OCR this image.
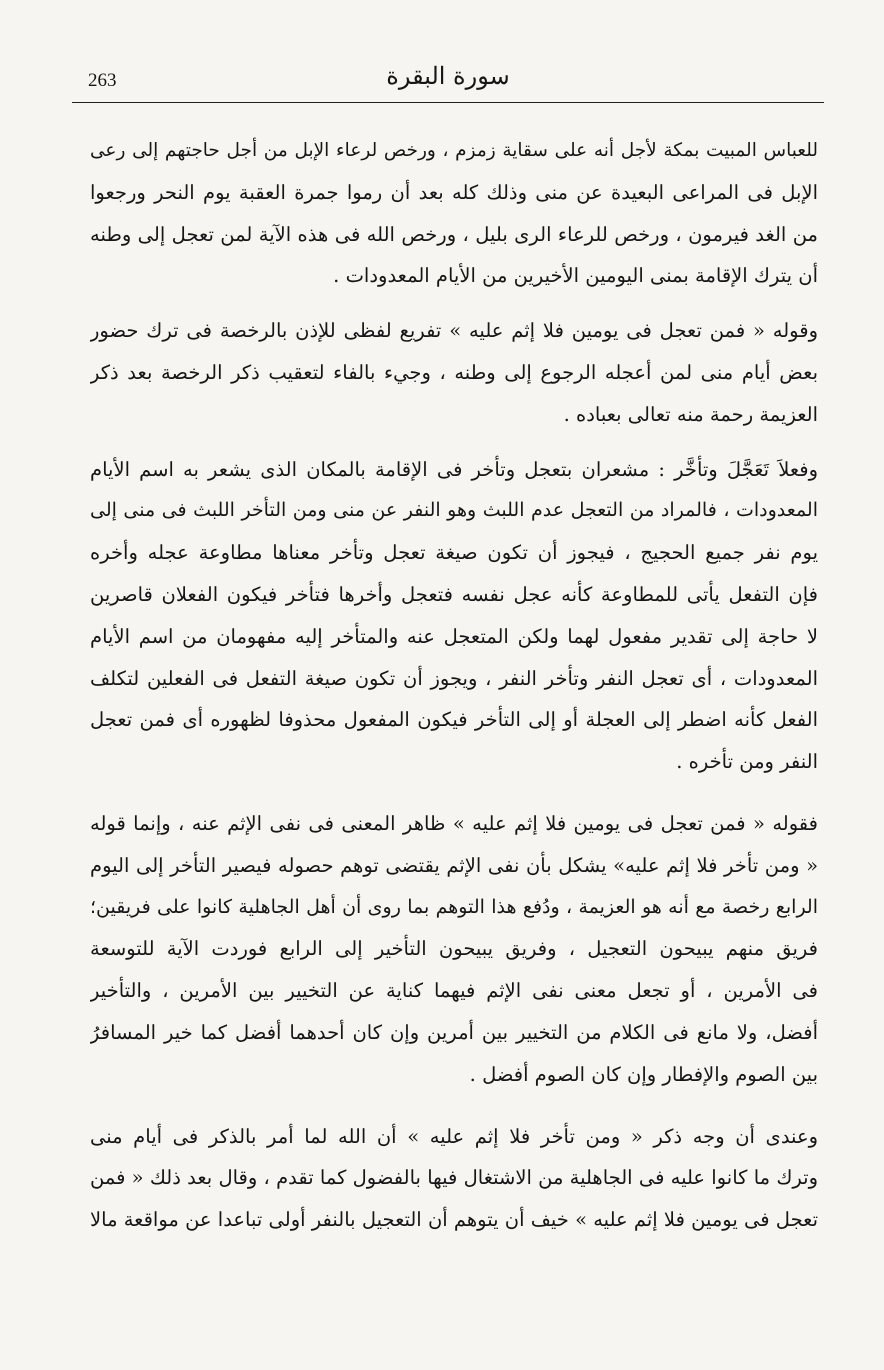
263	سورة البقرة
للعباس المبيت بمكة لأجل أنه على سقاية زمزم ، ورخص لرعاء الإبل من أجل حاجتهم إلى رعى
الإبل فى المراعى البعيدة عن منى وذلك كله بعد أن رموا جمرة العقبة يوم النحر ورجعوا
من الغد فيرمون ، ورخص للرعاء الرى بليل ، ورخص الله فى هذه الآية لمن تعجل إلى وطنه
أن يترك الإقامة بمنى اليومين الأخيرين من الأيام المعدودات .
وقوله « فمن تعجل فى يومين فلا إثم عليه » تفريع لفظى للإذن بالرخصة فى ترك حضور
بعض أيام منى لمن أعجله الرجوع إلى وطنه ، وجيء بالفاء لتعقيب ذكر الرخصة بعد ذكر
العزيمة رحمة منه تعالى بعباده .
وفعلاَ تَعَجَّلَ وتأخَّر : مشعران بتعجل وتأخر فى الإقامة بالمكان الذى يشعر به اسم الأيام
المعدودات ، فالمراد من التعجل عدم اللبث وهو النفر عن منى ومن التأخر اللبث فى منى إلى
يوم نفر جميع الحجيج ، فيجوز أن تكون صيغة تعجل وتأخر معناها مطاوعة عجله وأخره
فإن التفعل يأتى للمطاوعة كأنه عجل نفسه فتعجل وأخرها فتأخر فيكون الفعلان قاصرين
لا حاجة إلى تقدير مفعول لهما ولكن المتعجل عنه والمتأخر إليه مفهومان من اسم الأيام
المعدودات ، أى تعجل النفر وتأخر النفر ، ويجوز أن تكون صيغة التفعل فى الفعلين لتكلف
الفعل كأنه اضطر إلى العجلة أو إلى التأخر فيكون المفعول محذوفا لظهوره أى فمن تعجل
النفر ومن تأخره .
فقوله « فمن تعجل فى يومين فلا إثم عليه » ظاهر المعنى فى نفى الإثم عنه ، وإنما قوله
« ومن تأخر فلا إثم عليه» يشكل بأن نفى الإثم يقتضى توهم حصوله فيصير التأخر إلى اليوم
الرابع رخصة مع أنه هو العزيمة ، ودُفع هذا التوهم بما روى أن أهل الجاهلية كانوا على فريقين؛
فريق منهم يبيحون التعجيل ، وفريق يبيحون التأخير إلى الرابع فوردت الآية للتوسعة
فى الأمرين ، أو تجعل معنى نفى الإثم فيهما كناية عن التخيير بين الأمرين ، والتأخير
أفضل، ولا مانع فى الكلام من التخيير بين أمرين وإن كان أحدهما أفضل كما خير المسافرُ
بين الصوم والإفطار وإن كان الصوم أفضل .
وعندى أن وجه ذكر « ومن تأخر فلا إثم عليه » أن الله لما أمر بالذكر فى أيام منى
وترك ما كانوا عليه فى الجاهلية من الاشتغال فيها بالفضول كما تقدم ، وقال بعد ذلك « فمن
تعجل فى يومين فلا إثم عليه » خيف أن يتوهم أن التعجيل بالنفر أولى تباعدا عن مواقعة مالا
